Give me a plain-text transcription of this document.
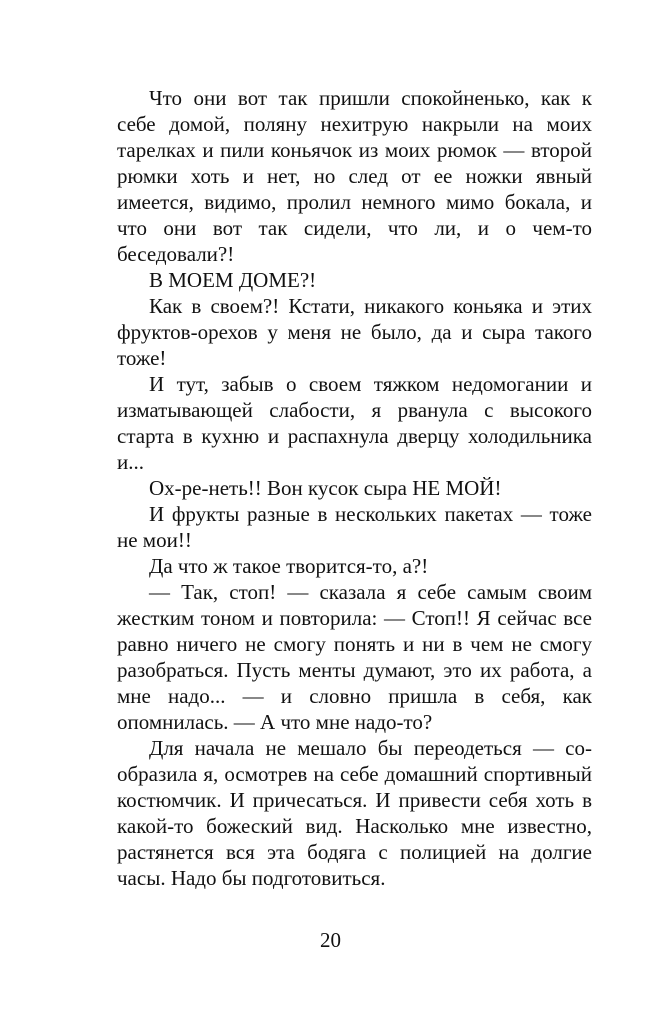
Что они вот так пришли спокойненько, как к себе домой, поляну нехитрую накрыли на моих тарелках и пили коньячок из моих рюмок — второй рюмки хоть и нет, но след от ее ножки явный имеется, видимо, пролил немного мимо бокала, и что они вот так сидели, что ли, и о чем-то беседовали?!

В МОЕМ ДОМЕ?!

Как в своем?! Кстати, никакого коньяка и этих фруктов-орехов у меня не было, да и сыра такого тоже!

И тут, забыв о своем тяжком недомогании и изматывающей слабости, я рванула с высокого старта в кухню и распахнула дверцу холодильника и...

Ох-ре-неть!! Вон кусок сыра НЕ МОЙ!

И фрукты разные в нескольких пакетах — тоже не мои!!

Да что ж такое творится-то, а?!

— Так, стоп! — сказала я себе самым своим жестким тоном и повторила: — Стоп!! Я сейчас все равно ничего не смогу понять и ни в чем не смогу разобраться. Пусть менты думают, это их работа, а мне надо... — и словно пришла в себя, как опомнилась. — А что мне надо-то?

Для начала не мешало бы переодеться — сообразила я, осмотрев на себе домашний спортивный костюмчик. И причесаться. И привести себя хоть в какой-то божеский вид. Насколько мне известно, растянется вся эта бодяга с полицией на долгие часы. Надо бы подготовиться.

20
